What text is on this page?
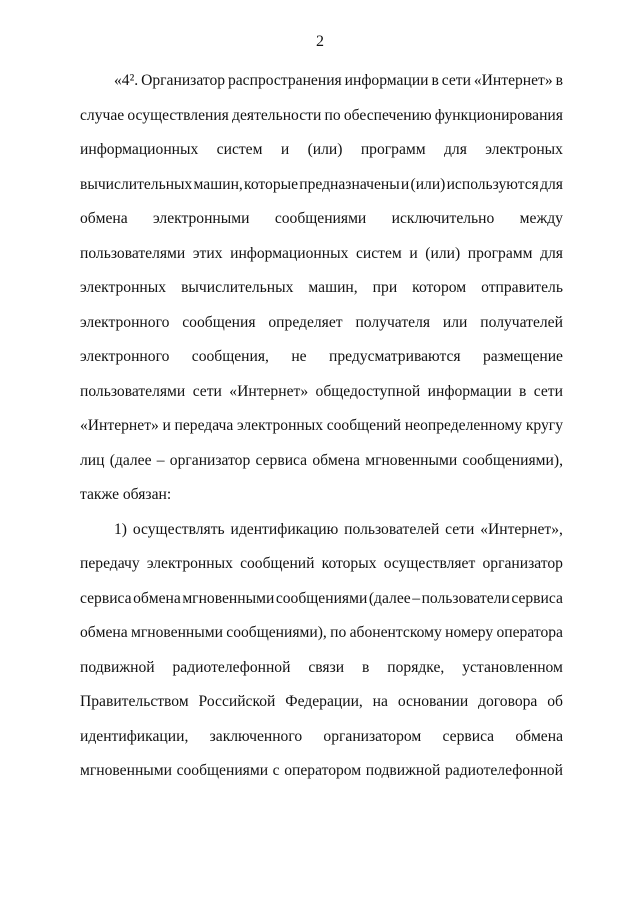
2
«4². Организатор распространения информации в сети «Интернет» в
случае осуществления деятельности по обеспечению функционирования
информационных систем и (или) программ для электроных
вычислительных машин, которые предназначены и (или) используются для
обмена электронными сообщениями исключительно между
пользователями этих информационных систем и (или) программ для
электронных вычислительных машин, при котором отправитель
электронного сообщения определяет получателя или получателей
электронного сообщения, не предусматриваются размещение
пользователями сети «Интернет» общедоступной информации в сети
«Интернет» и передача электронных сообщений неопределенному кругу
лиц (далее – организатор сервиса обмена мгновенными сообщениями),
также обязан:
1) осуществлять идентификацию пользователей сети «Интернет»,
передачу электронных сообщений которых осуществляет организатор
сервиса обмена мгновенными сообщениями (далее – пользователи сервиса
обмена мгновенными сообщениями), по абонентскому номеру оператора
подвижной радиотелефонной связи в порядке, установленном
Правительством Российской Федерации, на основании договора об
идентификации, заключенного организатором сервиса обмена
мгновенными сообщениями с оператором подвижной радиотелефонной
